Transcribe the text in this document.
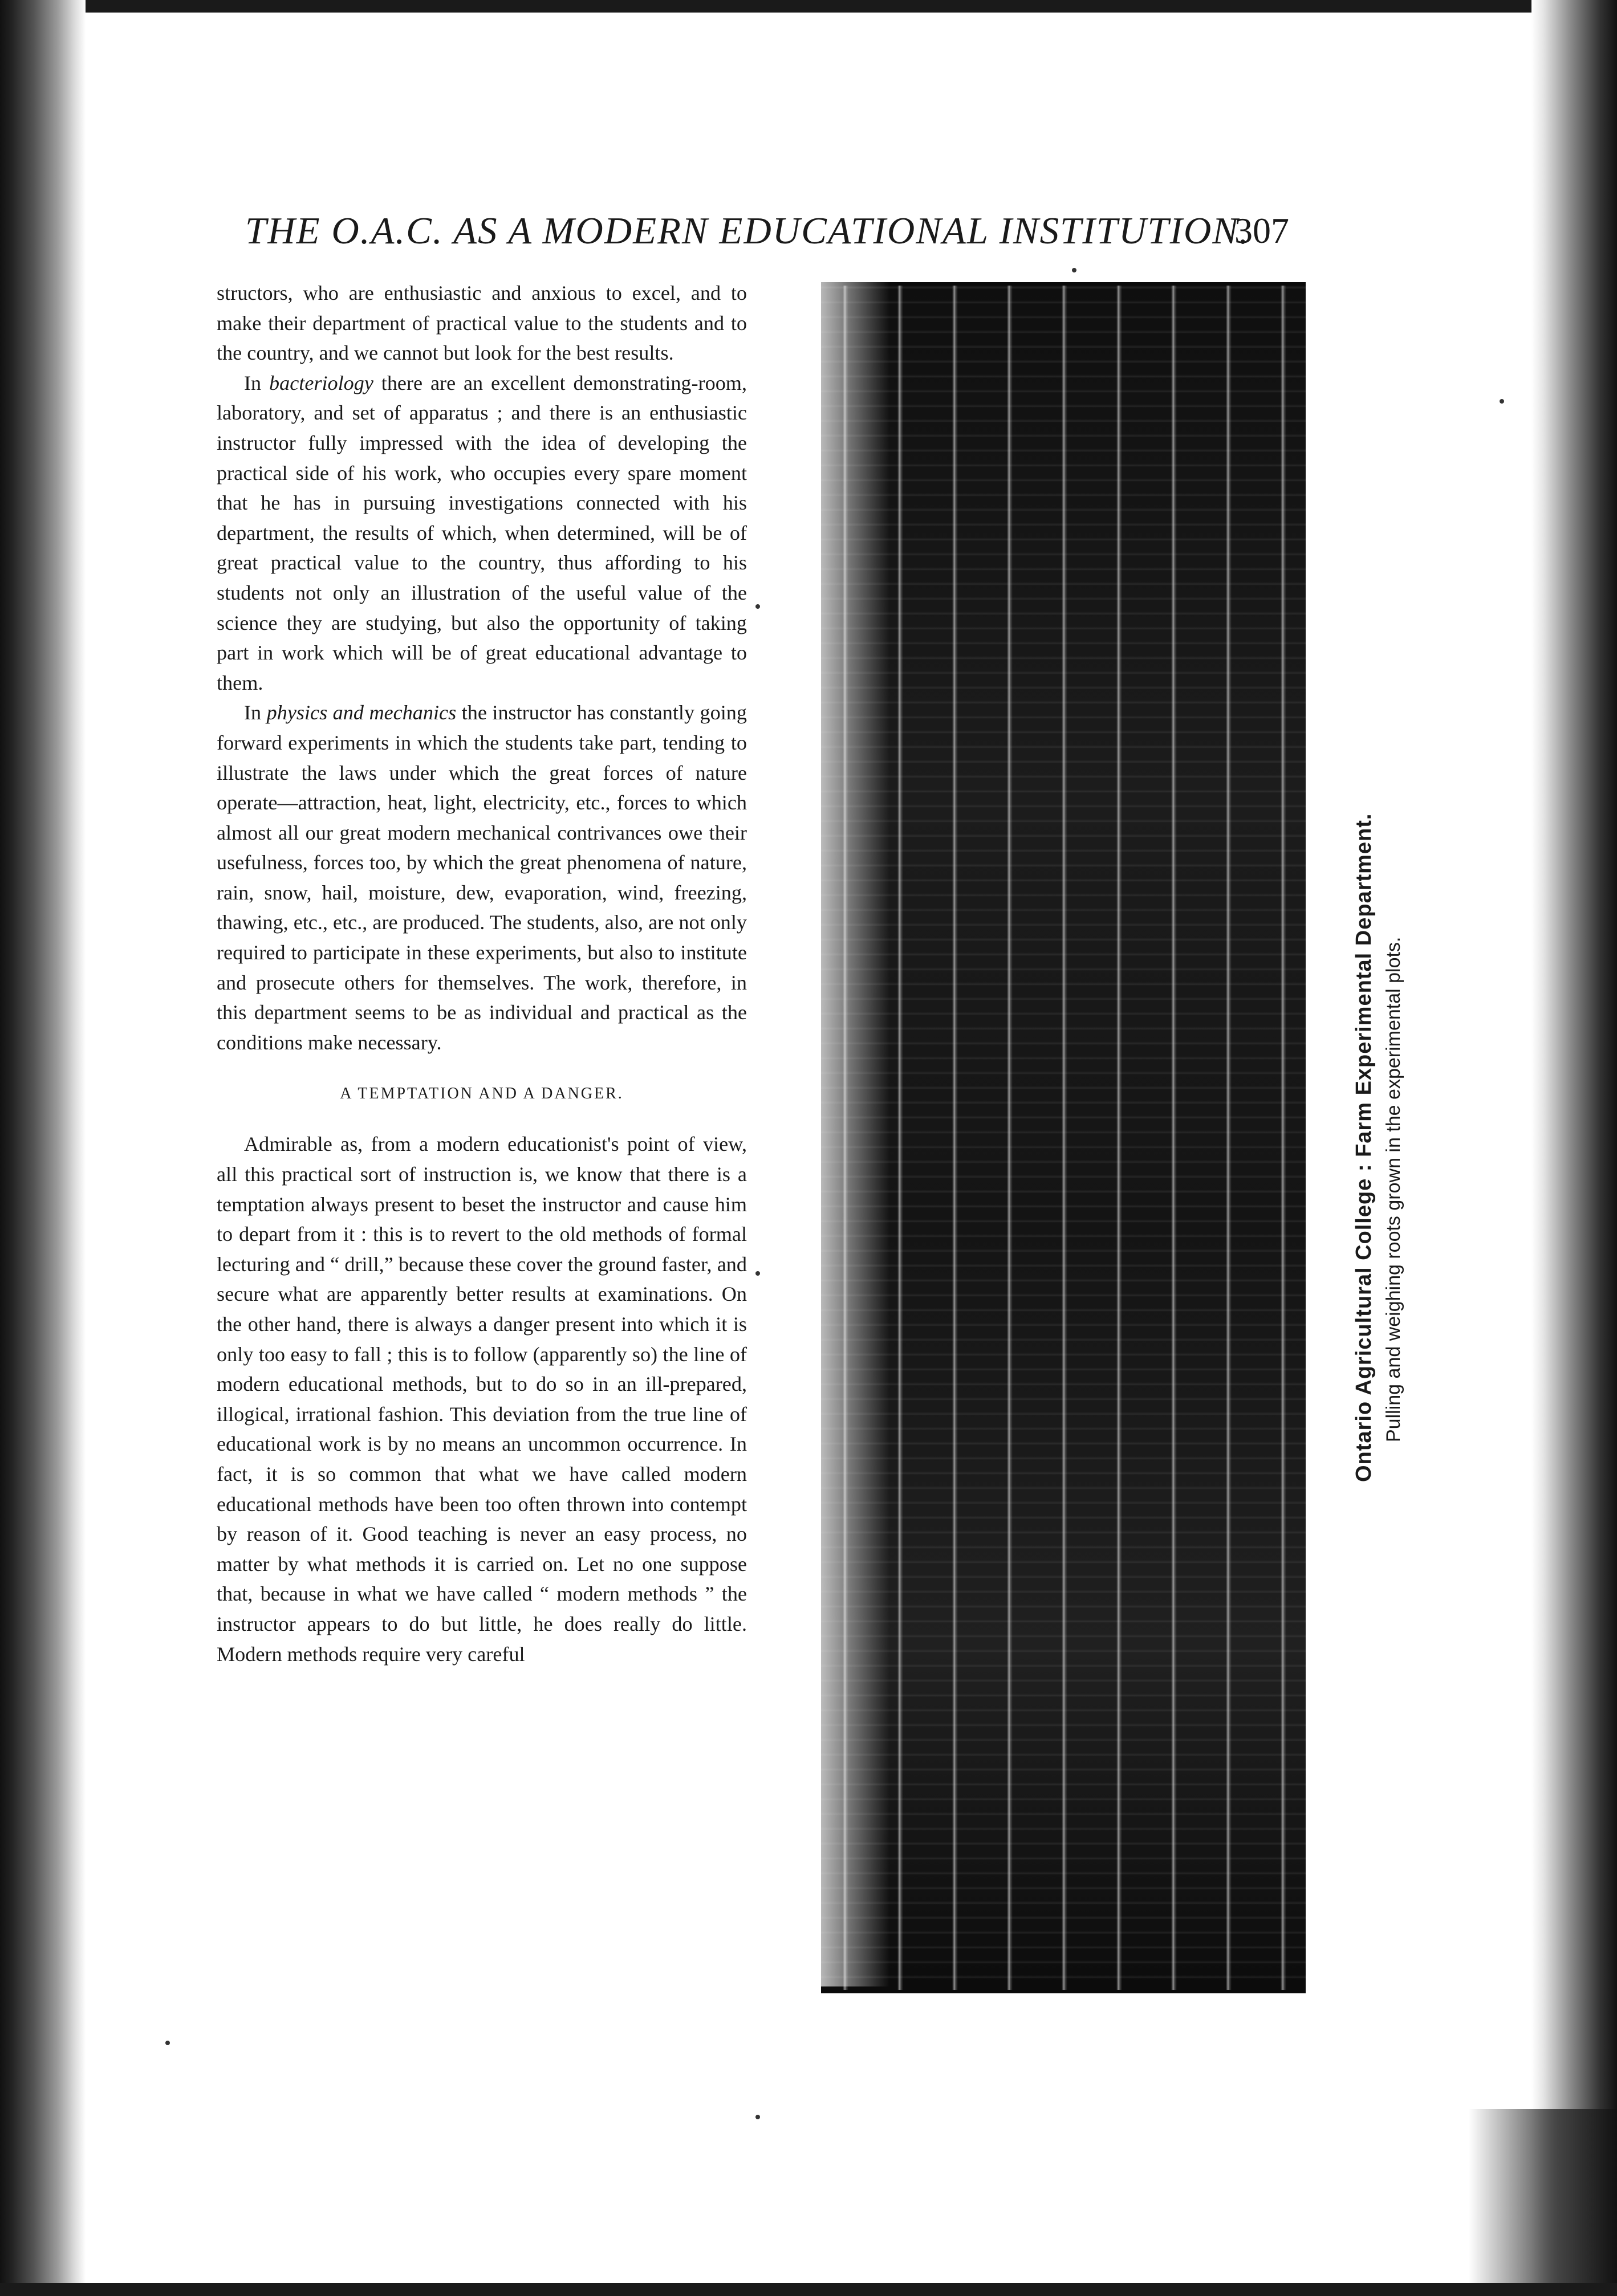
THE O.A.C. AS A MODERN EDUCATIONAL INSTITUTION.
307

structors, who are enthusiastic and anxious to excel, and to make their department of practical value to the students and to the country, and we cannot but look for the best results.

In bacteriology there are an excellent demonstrating-room, laboratory, and set of apparatus ; and there is an enthusiastic instructor fully impressed with the idea of developing the practical side of his work, who occupies every spare moment that he has in pursuing investigations connected with his department, the results of which, when determined, will be of great practical value to the country, thus affording to his students not only an illustration of the useful value of the science they are studying, but also the opportunity of taking part in work which will be of great educational advantage to them.

In physics and mechanics the instructor has constantly going forward experiments in which the students take part, tending to illustrate the laws under which the great forces of nature operate—attraction, heat, light, electricity, etc., forces to which almost all our great modern mechanical contrivances owe their usefulness, forces too, by which the great phenomena of nature, rain, snow, hail, moisture, dew, evaporation, wind, freezing, thawing, etc., etc., are produced. The students, also, are not only required to participate in these experiments, but also to institute and prosecute others for themselves. The work, therefore, in this department seems to be as individual and practical as the conditions make necessary.

A TEMPTATION AND A DANGER.

Admirable as, from a modern educationist's point of view, all this practical sort of instruction is, we know that there is a temptation always present to beset the instructor and cause him to depart from it : this is to revert to the old methods of formal lecturing and “ drill,” because these cover the ground faster, and secure what are apparently better results at examinations. On the other hand, there is always a danger present into which it is only too easy to fall ; this is to follow (apparently so) the line of modern educational methods, but to do so in an ill-prepared, illogical, irrational fashion. This deviation from the true line of educational work is by no means an uncommon occurrence. In fact, it is so common that what we have called modern educational methods have been too often thrown into contempt by reason of it. Good teaching is never an easy process, no matter by what methods it is carried on. Let no one suppose that, because in what we have called “ modern methods ” the instructor appears to do but little, he does really do little. Modern methods require very careful

Ontario Agricultural College : Farm Experimental Department. Pulling and weighing roots grown in the experimental plots.
